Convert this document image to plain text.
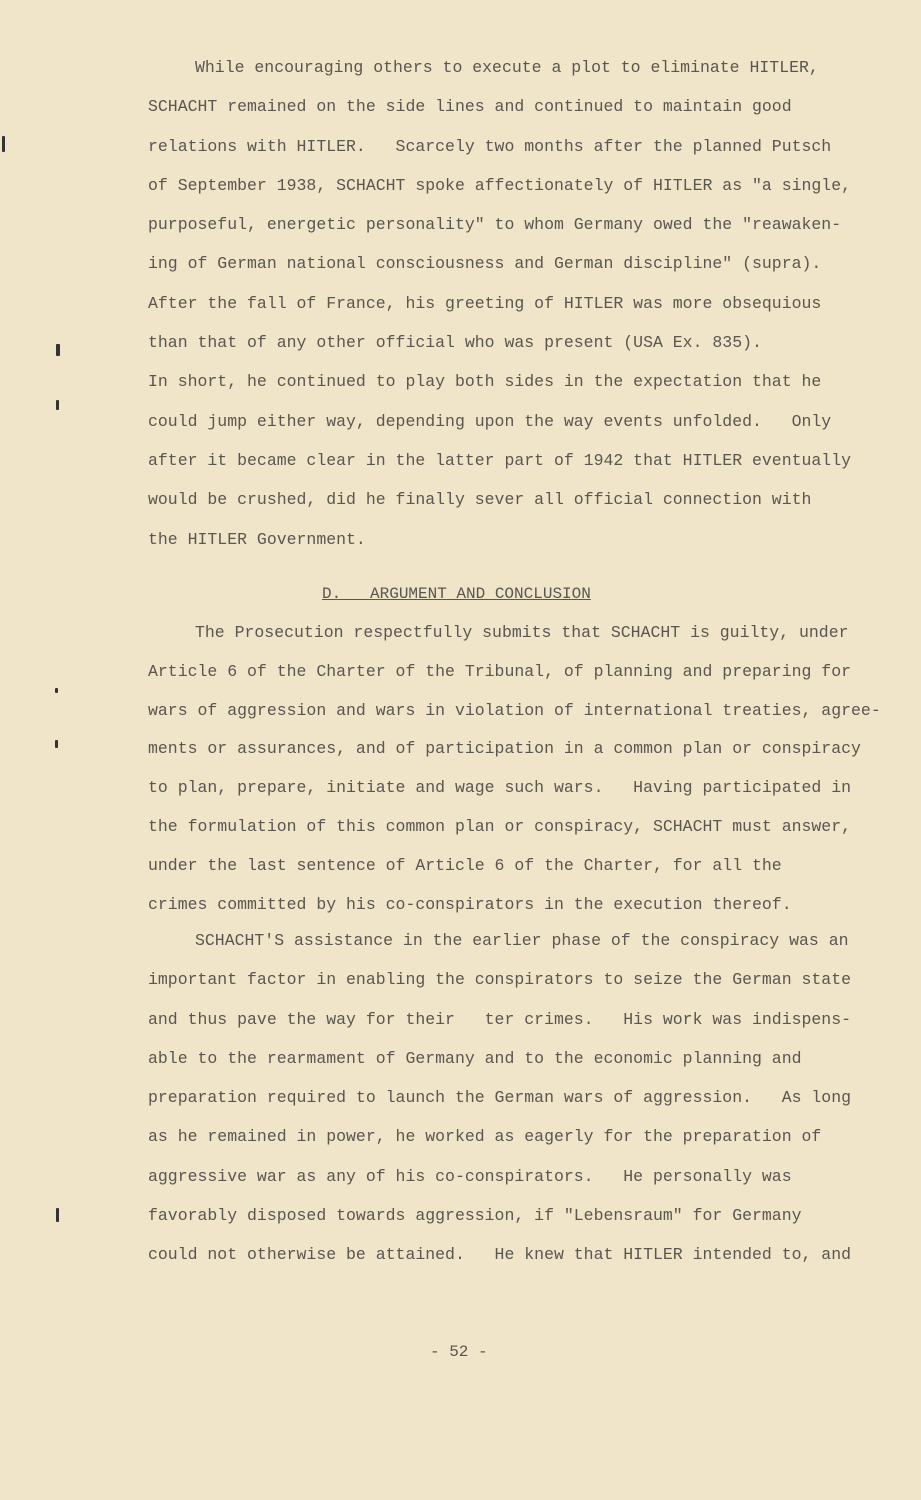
While encouraging others to execute a plot to eliminate HITLER,
SCHACHT remained on the side lines and continued to maintain good
relations with HITLER.   Scarcely two months after the planned Putsch
of September 1938, SCHACHT spoke affectionately of HITLER as "a single,
purposeful, energetic personality" to whom Germany owed the "reawaken-
ing of German national consciousness and German discipline" (supra).
After the fall of France, his greeting of HITLER was more obsequious
than that of any other official who was present (USA Ex. 835).
In short, he continued to play both sides in the expectation that he
could jump either way, depending upon the way events unfolded.   Only
after it became clear in the latter part of 1942 that HITLER eventually
would be crushed, did he finally sever all official connection with
the HITLER Government.
D.   ARGUMENT AND CONCLUSION
The Prosecution respectfully submits that SCHACHT is guilty, under
Article 6 of the Charter of the Tribunal, of planning and preparing for
wars of aggression and wars in violation of international treaties, agree-
ments or assurances, and of participation in a common plan or conspiracy
to plan, prepare, initiate and wage such wars.   Having participated in
the formulation of this common plan or conspiracy, SCHACHT must answer,
under the last sentence of Article 6 of the Charter, for all the
crimes committed by his co-conspirators in the execution thereof.
SCHACHT'S assistance in the earlier phase of the conspiracy was an
important factor in enabling the conspirators to seize the German state
and thus pave the way for their   ter crimes.   His work was indispens-
able to the rearmament of Germany and to the economic planning and
preparation required to launch the German wars of aggression.   As long
as he remained in power, he worked as eagerly for the preparation of
aggressive war as any of his co-conspirators.   He personally was
favorably disposed towards aggression, if "Lebensraum" for Germany
could not otherwise be attained.   He knew that HITLER intended to, and
- 52 -
